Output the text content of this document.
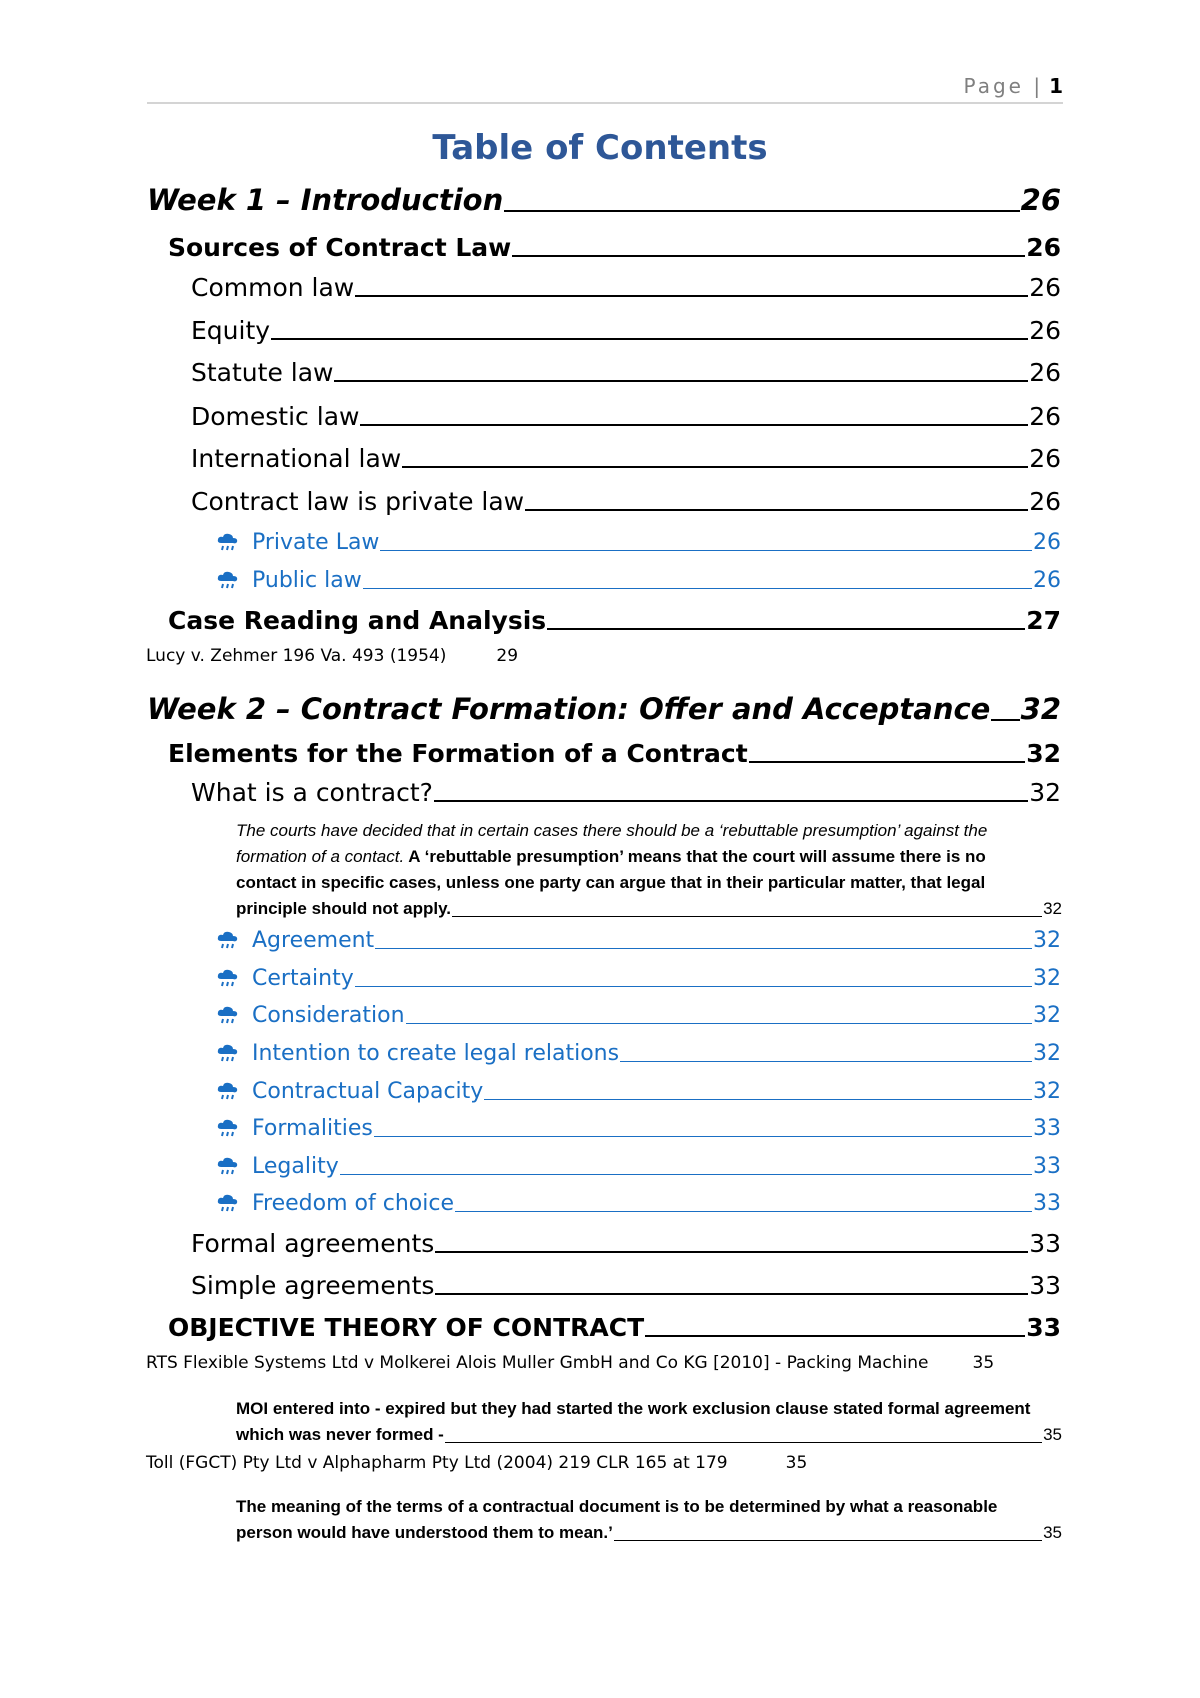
Page | 1
Table of Contents
Week 1 – Introduction	26
Sources of Contract Law	26
Common law	26
Equity	26
Statute law	26
Domestic law	26
International law	26
Contract law is private law	26
Private Law	26
Public law	26
Case Reading and Analysis	27
Lucy v. Zehmer 196 Va. 493 (1954)	29
Week 2 – Contract Formation: Offer and Acceptance 32
Elements for the Formation of a Contract	32
What is a contract?	32
The courts have decided that in certain cases there should be a ‘rebuttable presumption’ against the
formation of a contact. A ‘rebuttable presumption’ means that the court will assume there is no
contact in specific cases, unless one party can argue that in their particular matter, that legal
principle should not apply.	32
Agreement	32
Certainty	32
Consideration	32
Intention to create legal relations	32
Contractual Capacity	32
Formalities	33
Legality	33
Freedom of choice	33
Formal agreements	33
Simple agreements	33
OBJECTIVE THEORY OF CONTRACT	33
RTS Flexible Systems Ltd v Molkerei Alois Muller GmbH and Co KG [2010] - Packing Machine	35
MOI entered into - expired but they had started the work exclusion clause stated formal agreement
which was never formed -	35
Toll (FGCT) Pty Ltd v Alphapharm Pty Ltd (2004) 219 CLR 165 at 179	35
The meaning of the terms of a contractual document is to be determined by what a reasonable
person would have understood them to mean.’	35
